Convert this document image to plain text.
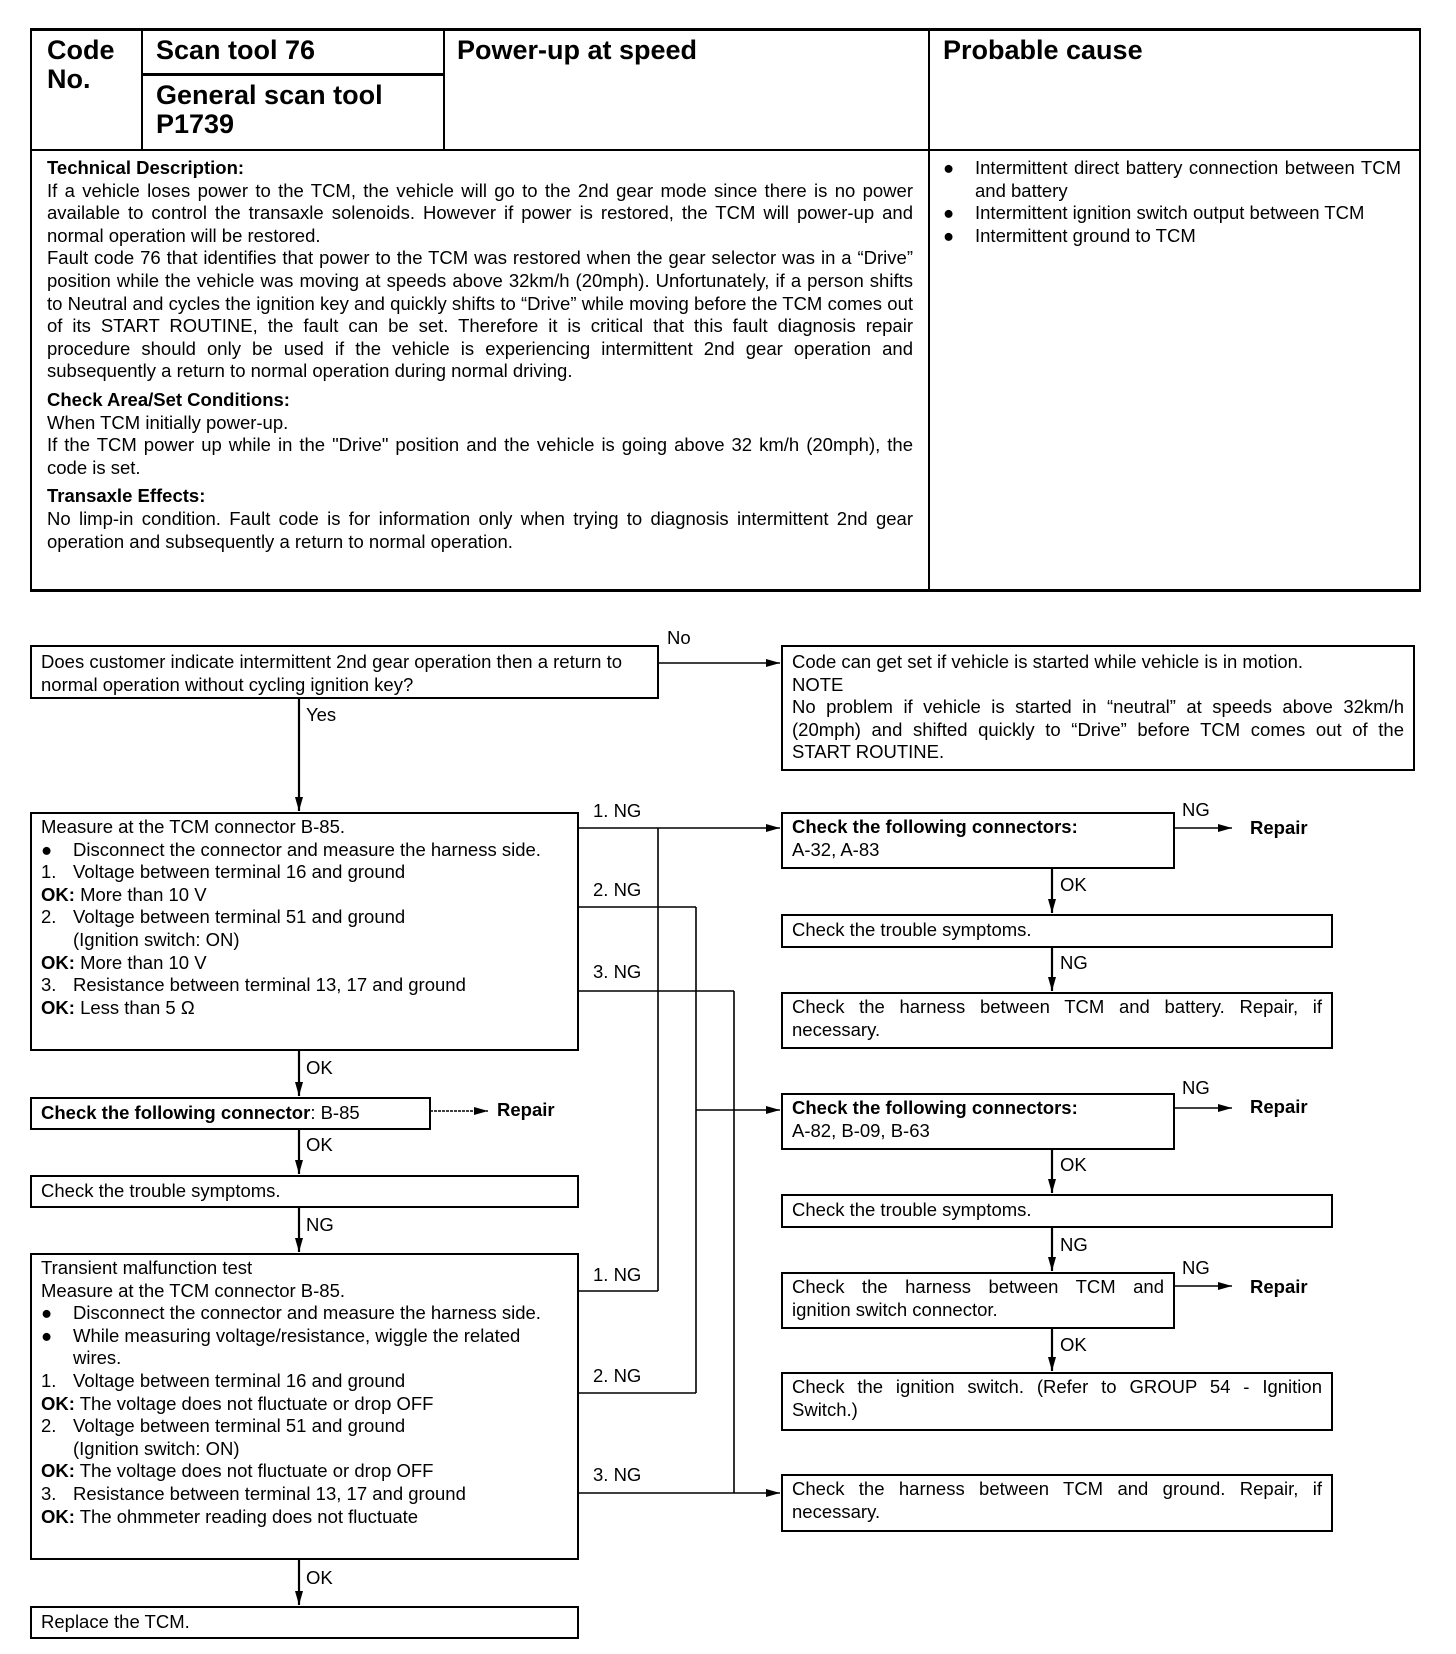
Code No.
Scan tool 76
General scan tool
P1739
Power-up at speed	Probable cause

Technical Description:

If a vehicle loses power to the TCM, the vehicle will go to the 2nd gear mode since there is no power available to control the transaxle solenoids. However if power is restored, the TCM will power-up and normal operation will be restored.

Fault code 76 that identifies that power to the TCM was restored when the gear selector was in a “Drive” position while the vehicle was moving at speeds above 32km/h (20mph). Unfortunately, if a person shifts to Neutral and cycles the ignition key and quickly shifts to “Drive” while moving before the TCM comes out of its START ROUTINE, the fault can be set. Therefore it is critical that this fault diagnosis repair procedure should only be used if the vehicle is experiencing intermittent 2nd gear operation and subsequently a return to normal operation during normal driving.

Check Area/Set Conditions:

When TCM initially power-up.

If the TCM power up while in the "Drive" position and the vehicle is going above 32 km/h (20mph), the code is set.

Transaxle Effects:

No limp-in condition. Fault code is for information only when trying to diagnosis intermittent 2nd gear operation and subsequently a return to normal operation.

●	Intermittent direct battery connection between TCM and battery
●	Intermittent ignition switch output between TCM
●	Intermittent ground to TCM
Does customer indicate intermittent 2nd gear operation then a return to normal operation without cycling ignition key?
No
Yes

Code can get set if vehicle is started while vehicle is in motion.

NOTE

No problem if vehicle is started in “neutral” at speeds above 32km/h (20mph) and shifted quickly to “Drive” before TCM comes out of the START ROUTINE.

Measure at the TCM connector B-85.

●	Disconnect the connector and measure the harness side.
1. Voltage between terminal 16 and ground
OK: More than 10 V
2. Voltage between terminal 51 and ground (Ignition switch: ON)
OK: More than 10 V
3. Resistance between terminal 13, 17 and ground
OK: Less than 5 Ω
1. NG
2. NG
3. NG
OK
Check the following connector: B-85	Repair
OK
Check the trouble symptoms.
NG

Transient malfunction test

Measure at the TCM connector B-85.

●	Disconnect the connector and measure the harness side.
●	While measuring voltage/resistance, wiggle the related wires.
1. Voltage between terminal 16 and ground
OK: The voltage does not fluctuate or drop OFF
2. Voltage between terminal 51 and ground (Ignition switch: ON)
OK: The voltage does not fluctuate or drop OFF
3. Resistance between terminal 13, 17 and ground
OK: The ohmmeter reading does not fluctuate
1. NG
2. NG
3. NG
OK
Replace the TCM.

Check the following connectors:

A-32, A-83

NG
Repair
OK
Check the trouble symptoms.
NG
Check the harness between TCM and battery. Repair, if necessary.

Check the following connectors:

A-82, B-09, B-63

NG
Repair
OK
Check the trouble symptoms.
NG
Check the harness between TCM and ignition switch connector.
NG
Repair
OK
Check the ignition switch. (Refer to GROUP 54 - Ignition Switch.)
Check the harness between TCM and ground. Repair, if necessary.
